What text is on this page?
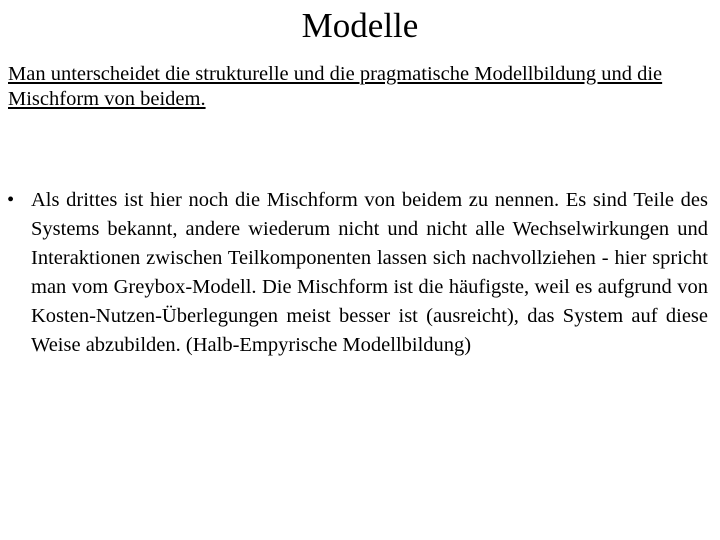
Modelle

Man unterscheidet die strukturelle und die pragmatische Modellbildung und die Mischform von beidem.

• Als drittes ist hier noch die Mischform von beidem zu nennen. Es sind Teile des Systems bekannt, andere wiederum nicht und nicht alle Wechselwirkungen und Interaktionen zwischen Teilkomponenten lassen sich nachvollziehen - hier spricht man vom Greybox-Modell. Die Mischform ist die häufigste, weil es aufgrund von Kosten-Nutzen-Überlegungen meist besser ist (ausreicht), das System auf diese Weise abzubilden. (Halb-Empyrische Modellbildung)
